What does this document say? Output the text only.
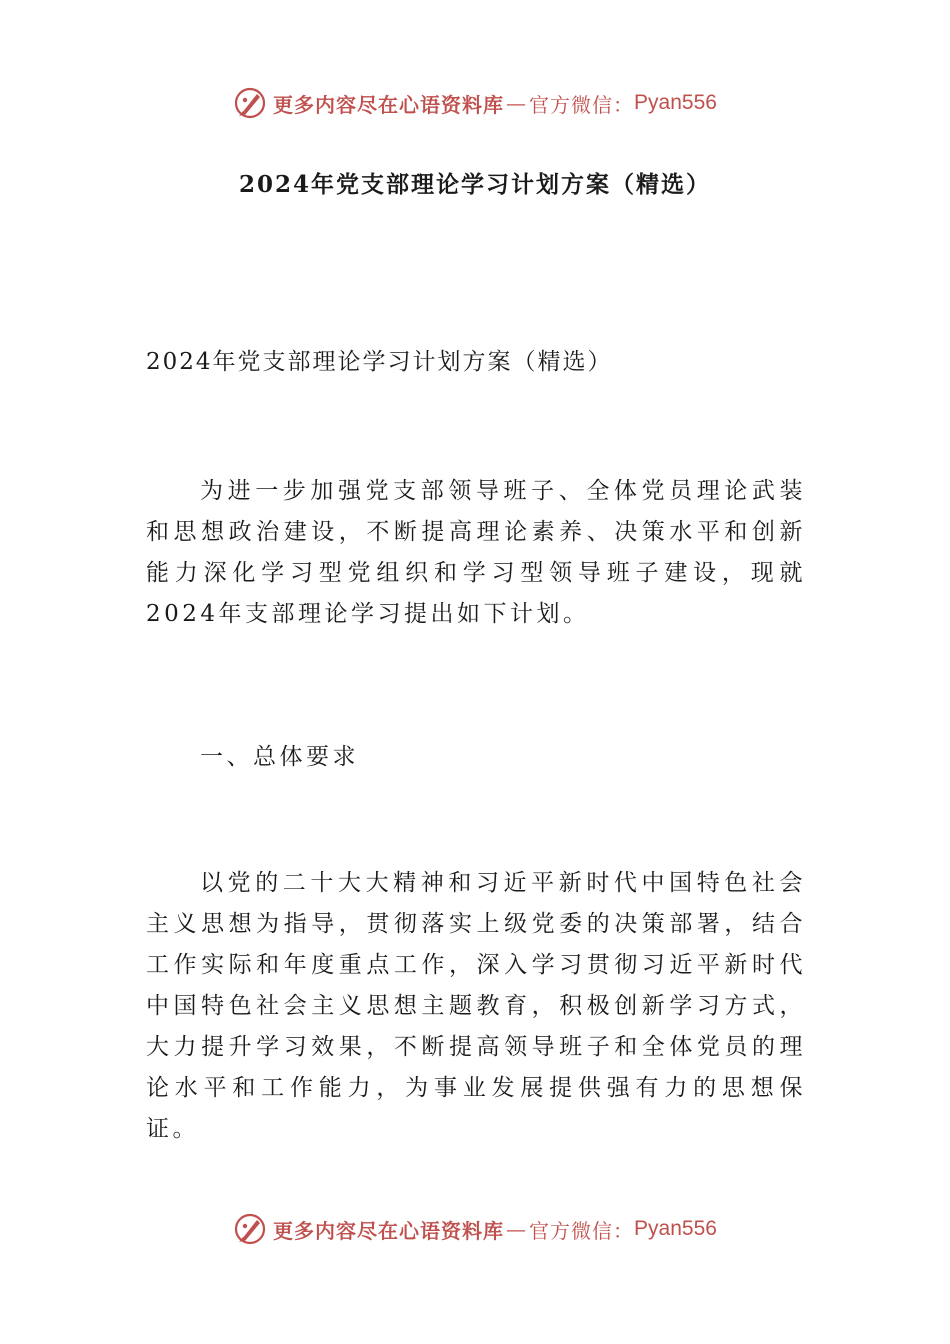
更多内容尽在心语资料库 — 官方微信： Pyan556
2024年党支部理论学习计划方案（精选）
2024年党支部理论学习计划方案（精选）

为进一步加强党支部领导班子、全体党员理论武装和思想政治建设，不断提高理论素养、决策水平和创新能力深化学习型党组织和学习型领导班子建设，现就2024年支部理论学习提出如下计划。

一、总体要求

以党的二十大大精神和习近平新时代中国特色社会主义思想为指导，贯彻落实上级党委的决策部署，结合工作实际和年度重点工作，深入学习贯彻习近平新时代中国特色社会主义思想主题教育，积极创新学习方式，大力提升学习效果，不断提高领导班子和全体党员的理论水平和工作能力，为事业发展提供强有力的思想保证。

更多内容尽在心语资料库 — 官方微信： Pyan556
